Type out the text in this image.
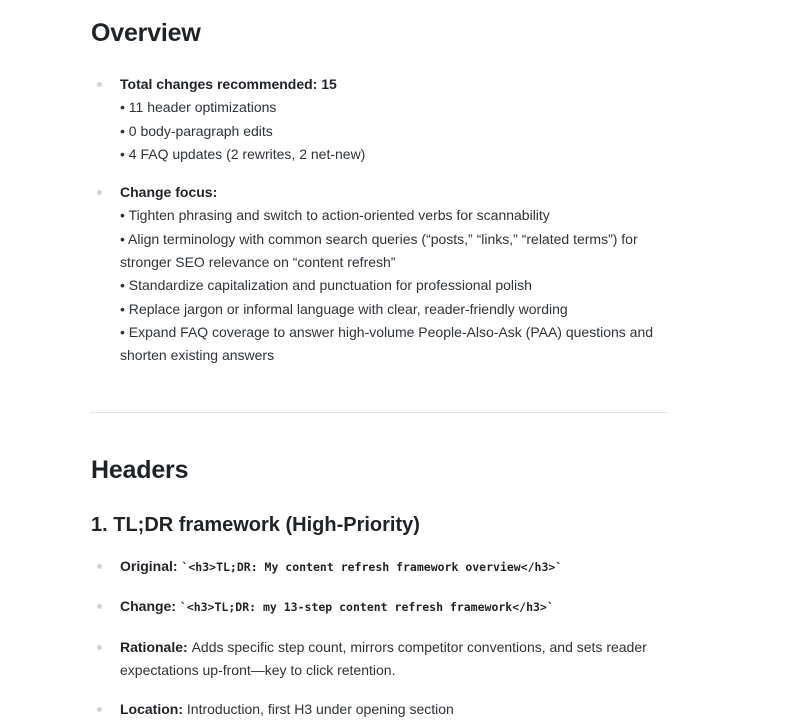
Overview
Total changes recommended: 15
• 11 header optimizations
• 0 body-paragraph edits
• 4 FAQ updates (2 rewrites, 2 net-new)
Change focus:
• Tighten phrasing and switch to action-oriented verbs for scannability
• Align terminology with common search queries (“posts,” “links,” “related terms”) for stronger SEO relevance on “content refresh”
• Standardize capitalization and punctuation for professional polish
• Replace jargon or informal language with clear, reader-friendly wording
• Expand FAQ coverage to answer high-volume People-Also-Ask (PAA) questions and shorten existing answers
Headers
1. TL;DR framework (High-Priority)
Original: `<h3>TL;DR: My content refresh framework overview</h3>`
Change: `<h3>TL;DR: my 13-step content refresh framework</h3>`
Rationale: Adds specific step count, mirrors competitor conventions, and sets reader expectations up-front—key to click retention.
Location: Introduction, first H3 under opening section
